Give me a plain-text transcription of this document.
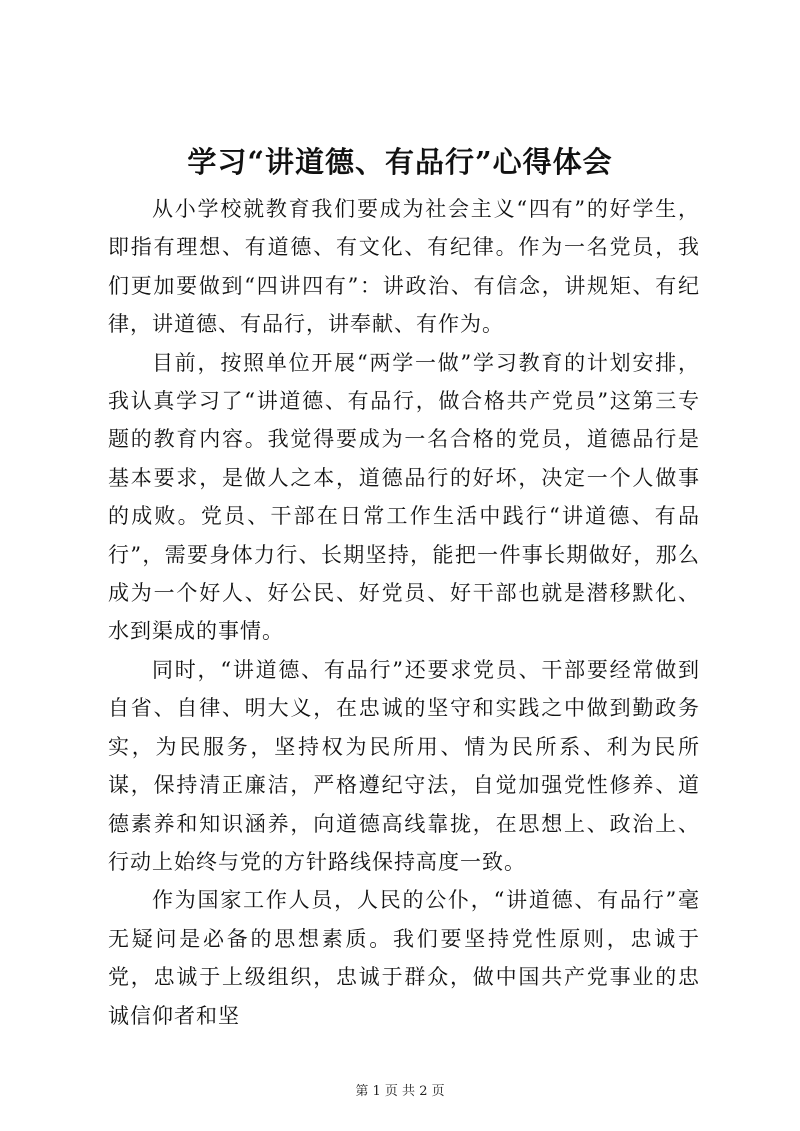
学习“讲道德、有品行”心得体会

从小学校就教育我们要成为社会主义“四有”的好学生，即指有理想、有道德、有文化、有纪律。作为一名党员，我们更加要做到“四讲四有”：讲政治、有信念，讲规矩、有纪律，讲道德、有品行，讲奉献、有作为。

目前，按照单位开展“两学一做”学习教育的计划安排，我认真学习了“讲道德、有品行，做合格共产党员”这第三专题的教育内容。我觉得要成为一名合格的党员，道德品行是基本要求，是做人之本，道德品行的好坏，决定一个人做事的成败。党员、干部在日常工作生活中践行“讲道德、有品行”，需要身体力行、长期坚持，能把一件事长期做好，那么成为一个好人、好公民、好党员、好干部也就是潜移默化、水到渠成的事情。

同时，“讲道德、有品行”还要求党员、干部要经常做到自省、自律、明大义，在忠诚的坚守和实践之中做到勤政务实，为民服务，坚持权为民所用、情为民所系、利为民所谋，保持清正廉洁，严格遵纪守法，自觉加强党性修养、道德素养和知识涵养，向道德高线靠拢，在思想上、政治上、行动上始终与党的方针路线保持高度一致。

作为国家工作人员，人民的公仆，“讲道德、有品行”毫无疑问是必备的思想素质。我们要坚持党性原则，忠诚于党，忠诚于上级组织，忠诚于群众，做中国共产党事业的忠诚信仰者和坚

第 1 页 共 2 页
